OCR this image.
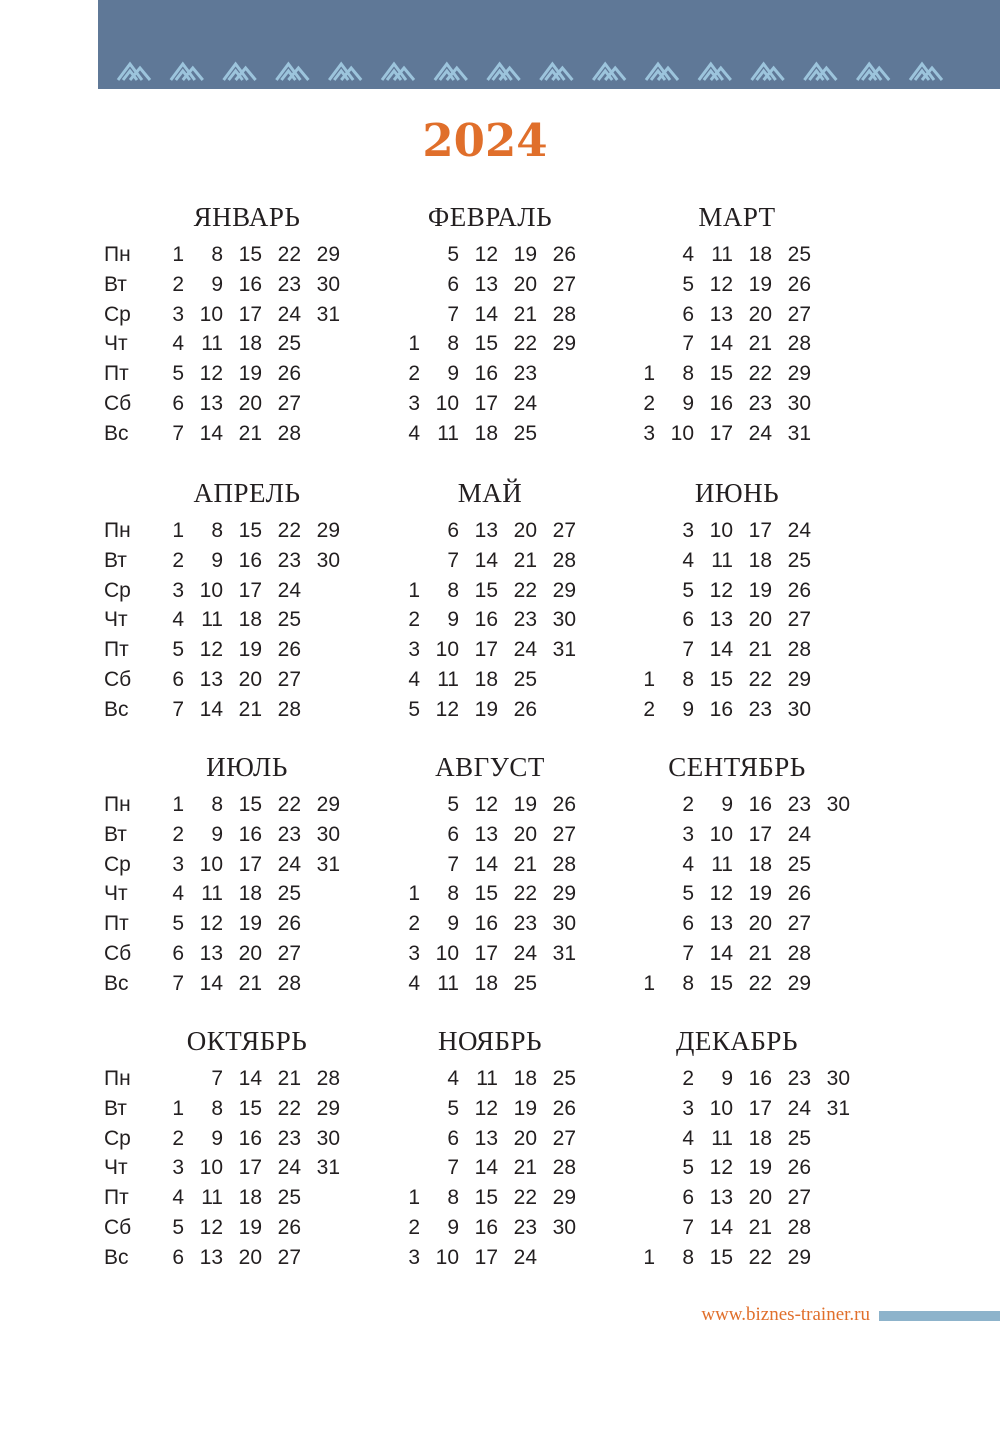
2024
ЯНВАРЬ
Пн
Вт
Ср
Чт
Пт
Сб
Вс
1
2
3
4
5
6
7
8
9
10
11
12
13
14
15
16
17
18
19
20
21
22
23
24
25
26
27
28
29
30
31
ФЕВРАЛЬ
1
2
3
4
5
6
7
8
9
10
11
12
13
14
15
16
17
18
19
20
21
22
23
24
25
26
27
28
29
МАРТ
1
2
3
4
5
6
7
8
9
10
11
12
13
14
15
16
17
18
19
20
21
22
23
24
25
26
27
28
29
30
31
АПРЕЛЬ
Пн
Вт
Ср
Чт
Пт
Сб
Вс
1
2
3
4
5
6
7
8
9
10
11
12
13
14
15
16
17
18
19
20
21
22
23
24
25
26
27
28
29
30
МАЙ
1
2
3
4
5
6
7
8
9
10
11
12
13
14
15
16
17
18
19
20
21
22
23
24
25
26
27
28
29
30
31
ИЮНЬ
1
2
3
4
5
6
7
8
9
10
11
12
13
14
15
16
17
18
19
20
21
22
23
24
25
26
27
28
29
30
ИЮЛЬ
Пн
Вт
Ср
Чт
Пт
Сб
Вс
1
2
3
4
5
6
7
8
9
10
11
12
13
14
15
16
17
18
19
20
21
22
23
24
25
26
27
28
29
30
31
АВГУСТ
1
2
3
4
5
6
7
8
9
10
11
12
13
14
15
16
17
18
19
20
21
22
23
24
25
26
27
28
29
30
31
СЕНТЯБРЬ
1
2
3
4
5
6
7
8
9
10
11
12
13
14
15
16
17
18
19
20
21
22
23
24
25
26
27
28
29
30
ОКТЯБРЬ
Пн
Вт
Ср
Чт
Пт
Сб
Вс
1
2
3
4
5
6
7
8
9
10
11
12
13
14
15
16
17
18
19
20
21
22
23
24
25
26
27
28
29
30
31
НОЯБРЬ
1
2
3
4
5
6
7
8
9
10
11
12
13
14
15
16
17
18
19
20
21
22
23
24
25
26
27
28
29
30
ДЕКАБРЬ
1
2
3
4
5
6
7
8
9
10
11
12
13
14
15
16
17
18
19
20
21
22
23
24
25
26
27
28
29
30
31
www.biznes-trainer.ru
